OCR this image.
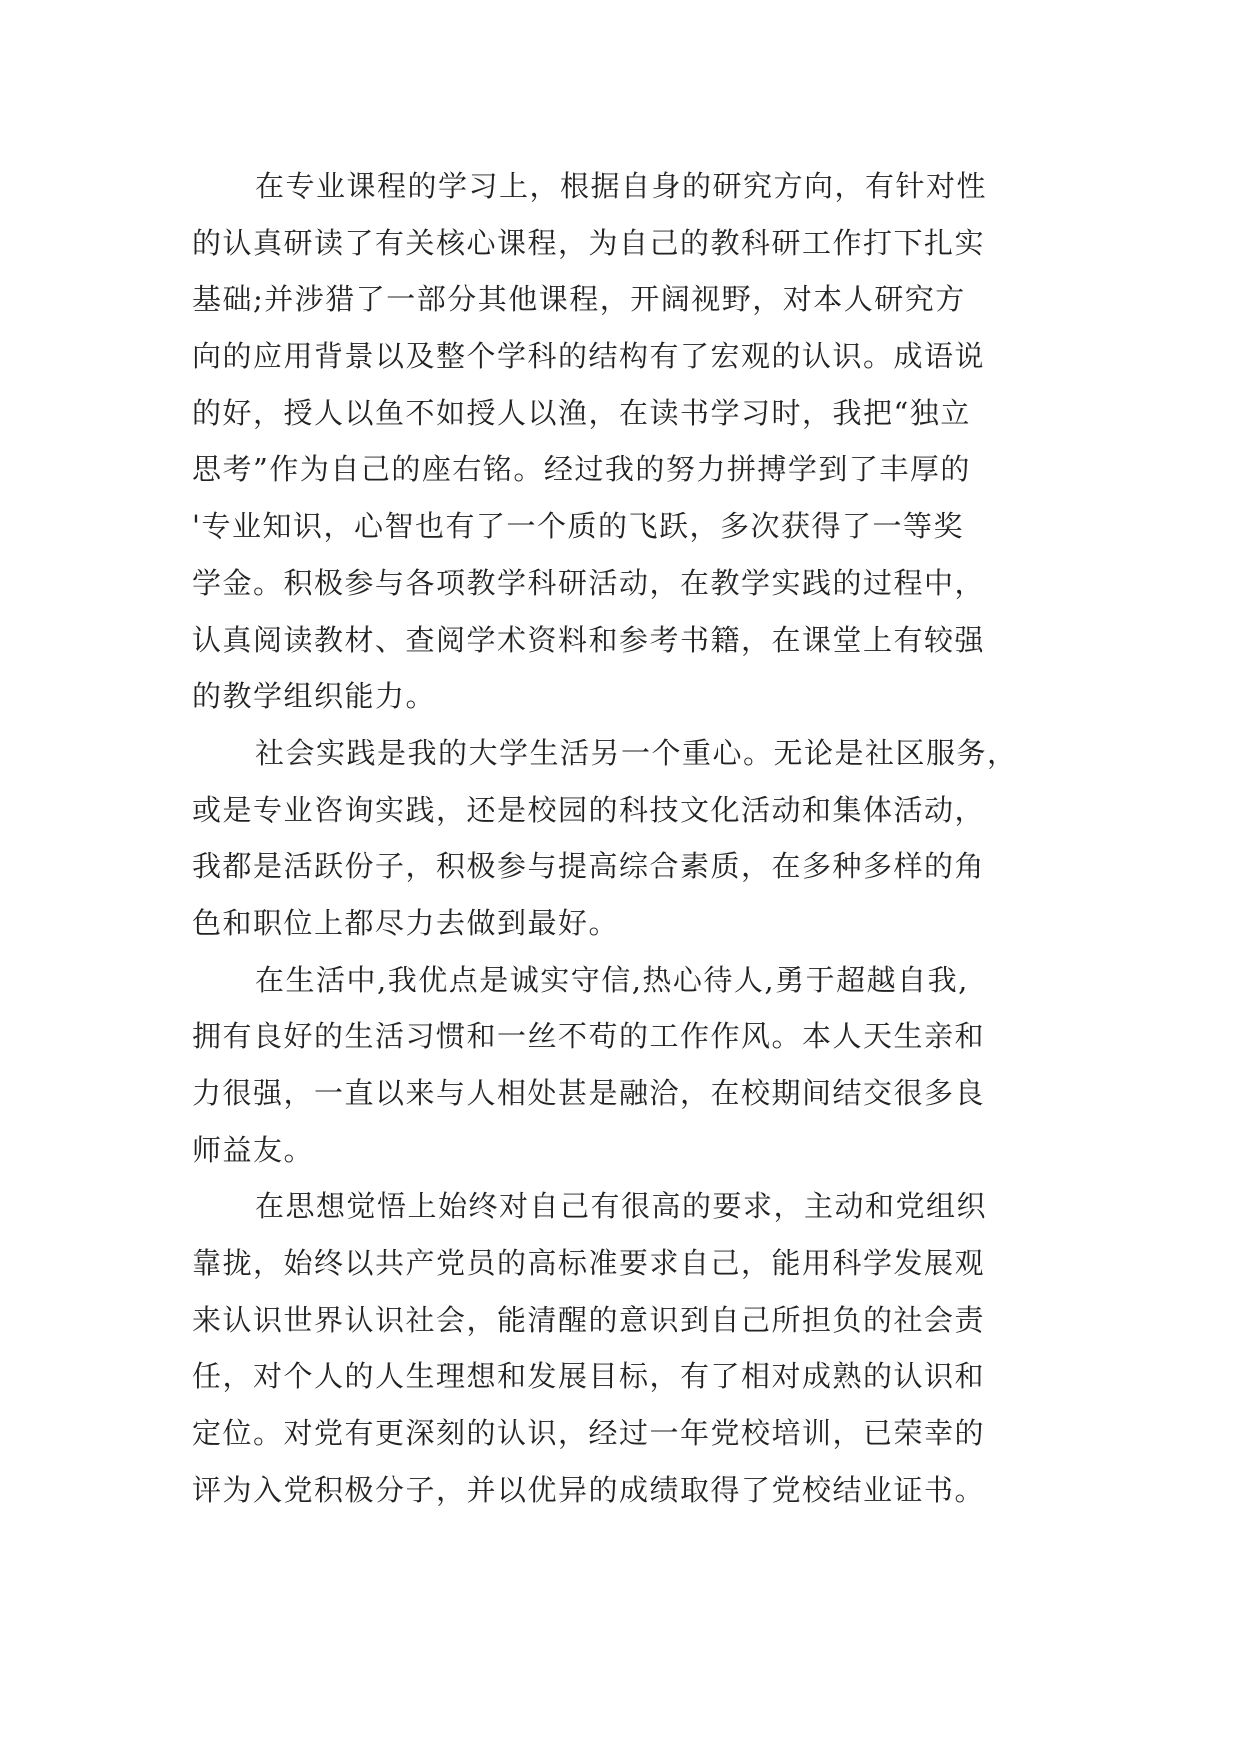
在专业课程的学习上，根据自身的研究方向，有针对性
的认真研读了有关核心课程，为自己的教科研工作打下扎实
基础;并涉猎了一部分其他课程，开阔视野，对本人研究方
向的应用背景以及整个学科的结构有了宏观的认识。成语说
的好，授人以鱼不如授人以渔，在读书学习时，我把“独立
思考”作为自己的座右铭。经过我的努力拼搏学到了丰厚的
'专业知识，心智也有了一个质的飞跃，多次获得了一等奖
学金。积极参与各项教学科研活动，在教学实践的过程中，
认真阅读教材、查阅学术资料和参考书籍，在课堂上有较强
的教学组织能力。
社会实践是我的大学生活另一个重心。无论是社区服务，
或是专业咨询实践，还是校园的科技文化活动和集体活动，
我都是活跃份子，积极参与提高综合素质，在多种多样的角
色和职位上都尽力去做到最好。
在生活中,我优点是诚实守信,热心待人,勇于超越自我,
拥有良好的生活习惯和一丝不苟的工作作风。本人天生亲和
力很强，一直以来与人相处甚是融洽，在校期间结交很多良
师益友。
在思想觉悟上始终对自己有很高的要求，主动和党组织
靠拢，始终以共产党员的高标准要求自己，能用科学发展观
来认识世界认识社会，能清醒的意识到自己所担负的社会责
任，对个人的人生理想和发展目标，有了相对成熟的认识和
定位。对党有更深刻的认识，经过一年党校培训，已荣幸的
评为入党积极分子，并以优异的成绩取得了党校结业证书。
